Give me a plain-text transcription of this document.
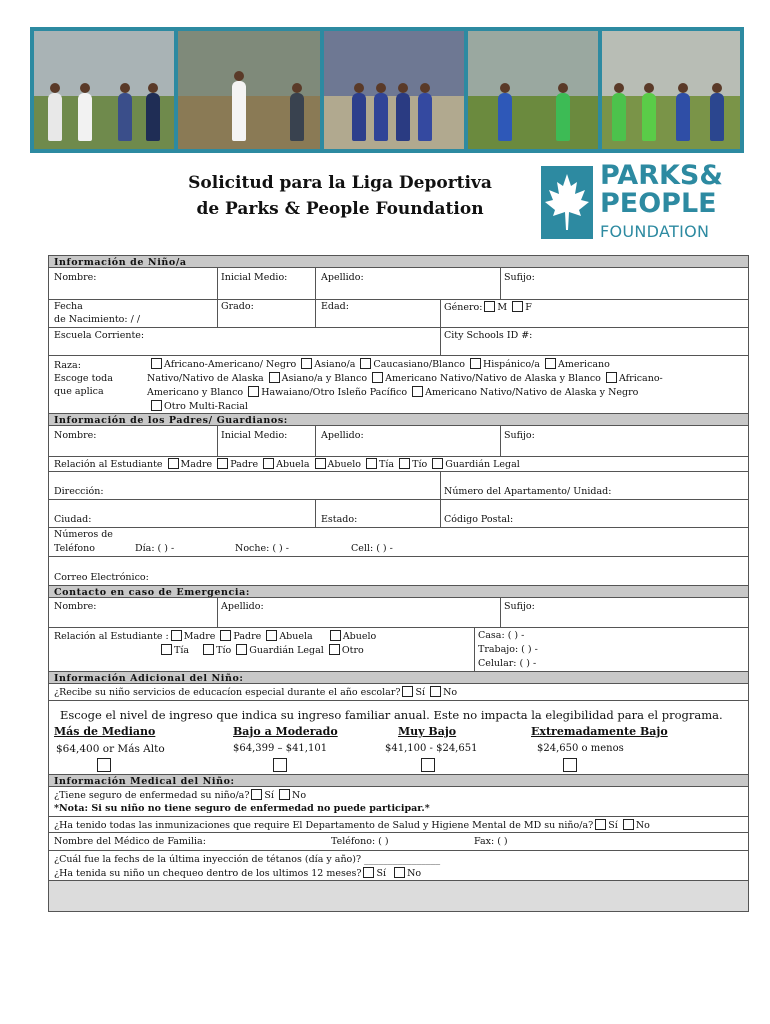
Solicitud para la Liga Deportiva
de Parks & People Foundation
PARKS&
PEOPLE
FOUNDATION
Información de Niño/a
Nombre:	Inicial Medio:	Apellido:	Sufijo:
Fecha
de Nacimiento: / /
Grado:	Edad:	Género: M F
Escuela Corriente:	City Schools ID #:
Raza:
Escoge toda
que aplica
Africano-Americano/ Negro Asiano/a Caucasiano/Blanco Hispánico/a Americano
Nativo/Nativo de Alaska Asiano/a y Blanco Americano Nativo/Nativo de Alaska y Blanco Africano-
Americano y Blanco Hawaiano/Otro Isleño Pacífico Americano Nativo/Nativo de Alaska y Negro
Otro Multi-Racial
Información de los Padres/ Guardianos:
Nombre:	Inicial Medio:	Apellido:	Sufijo:
Relación al Estudiante Madre Padre Abuela Abuelo Tía Tío Guardián Legal
Dirección:	Número del Apartamento/ Unidad:
Ciudad:	Estado:	Código Postal:
Números de
Teléfono	Día: ( ) -	Noche: ( ) -	Cell: ( ) -
Correo Electrónico:
Contacto en caso de Emergencia:
Nombre:	Apellido:	Sufijo:
Relación al Estudiante : Madre Padre Abuela	Abuelo
Tía	Tío Guardián Legal Otro
Casa: ( ) -
Trabajo: ( ) -
Celular: ( ) -
Información Adicional del Niño:
¿Recibe su niño servicios de educacíon especial durante el año escolar? Sí No
Escoge el nivel de ingreso que indica su ingreso familiar anual. Este no impacta la elegibilidad para el programa.
Más de Mediano	Bajo a Moderado	Muy Bajo	Extremadamente Bajo
$64,400 or Más Alto	$64,399 – $41,101	$41,100 - $24,651	$24,650 o menos
Información Medical del Niño:
¿Tiene seguro de enfermedad su niño/a? Sí No
*Nota: Si su niño no tiene seguro de enfermedad no puede participar.*
¿Ha tenido todas las inmunizaciones que require El Departamento de Salud y Higiene Mental de MD su niño/a? Sí No
Nombre del Médico de Familia:	Teléfono: ( )	Fax: ( )
¿Cuál fue la fechs de la última inyección de tétanos (día y año)? ________________
¿Ha tenida su niño un chequeo dentro de los ultimos 12 meses? Sí No
